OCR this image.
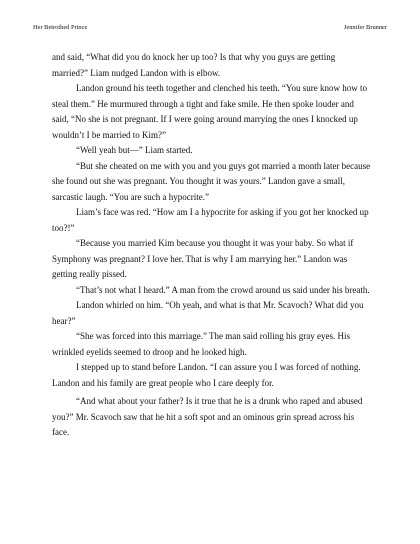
Her Betrothed Prince	Jennifer Brunner

and said, “What did you do knock her up too? Is that why you guys are getting married?” Liam nudged Landon with is elbow.

Landon ground his teeth together and clenched his teeth. “You sure know how to steal them.” He murmured through a tight and fake smile. He then spoke louder and said, “No she is not pregnant. If I were going around marrying the ones I knocked up wouldn’t I be married to Kim?”

“Well yeah but—” Liam started.

“But she cheated on me with you and you guys got married a month later because she found out she was pregnant. You thought it was yours.” Landon gave a small, sarcastic laugh. “You are such a hypocrite.”

Liam’s face was red. “How am I a hypocrite for asking if you got her knocked up too?!”

“Because you married Kim because you thought it was your baby. So what if Symphony was pregnant? I love her. That is why I am marrying her.” Landon was getting really pissed.

“That’s not what I heard.” A man from the crowd around us said under his breath.

Landon whirled on him. “Oh yeah, and what is that Mr. Scavoch? What did you hear?”

“She was forced into this marriage.” The man said rolling his gray eyes. His wrinkled eyelids seemed to droop and he looked high.

I stepped up to stand before Landon. “I can assure you I was forced of nothing. Landon and his family are great people who I care deeply for.

“And what about your father? Is it true that he is a drunk who raped and abused you?” Mr. Scavoch saw that he hit a soft spot and an ominous grin spread across his face.
